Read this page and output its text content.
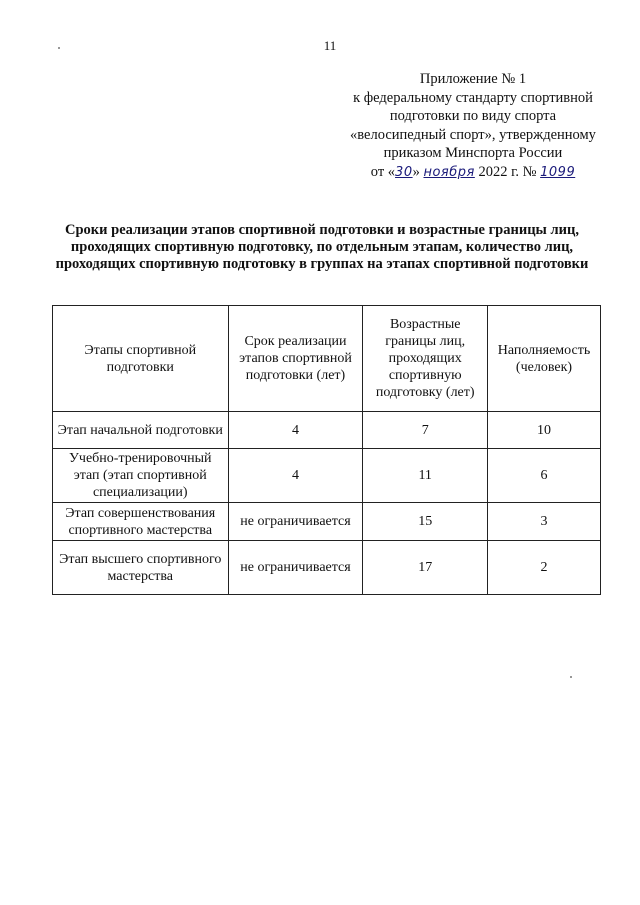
11
Приложение № 1
к федеральному стандарту спортивной
подготовки по виду спорта
«велосипедный спорт», утвержденному
приказом Минспорта России
от «30» ноября 2022 г. № 1099
Сроки реализации этапов спортивной подготовки и возрастные границы лиц, проходящих спортивную подготовку, по отдельным этапам, количество лиц, проходящих спортивную подготовку в группах на этапах спортивной подготовки
Этапы спортивной подготовки	Срок реализации этапов спортивной подготовки (лет)	Возрастные границы лиц, проходящих спортивную подготовку (лет)	Наполняемость (человек)
Этап начальной подготовки	4	7	10
Учебно-тренировочный этап (этап спортивной специализации)	4	11	6
Этап совершенствования спортивного мастерства	не ограничивается	15	3
Этап высшего спортивного мастерства	не ограничивается	17	2
